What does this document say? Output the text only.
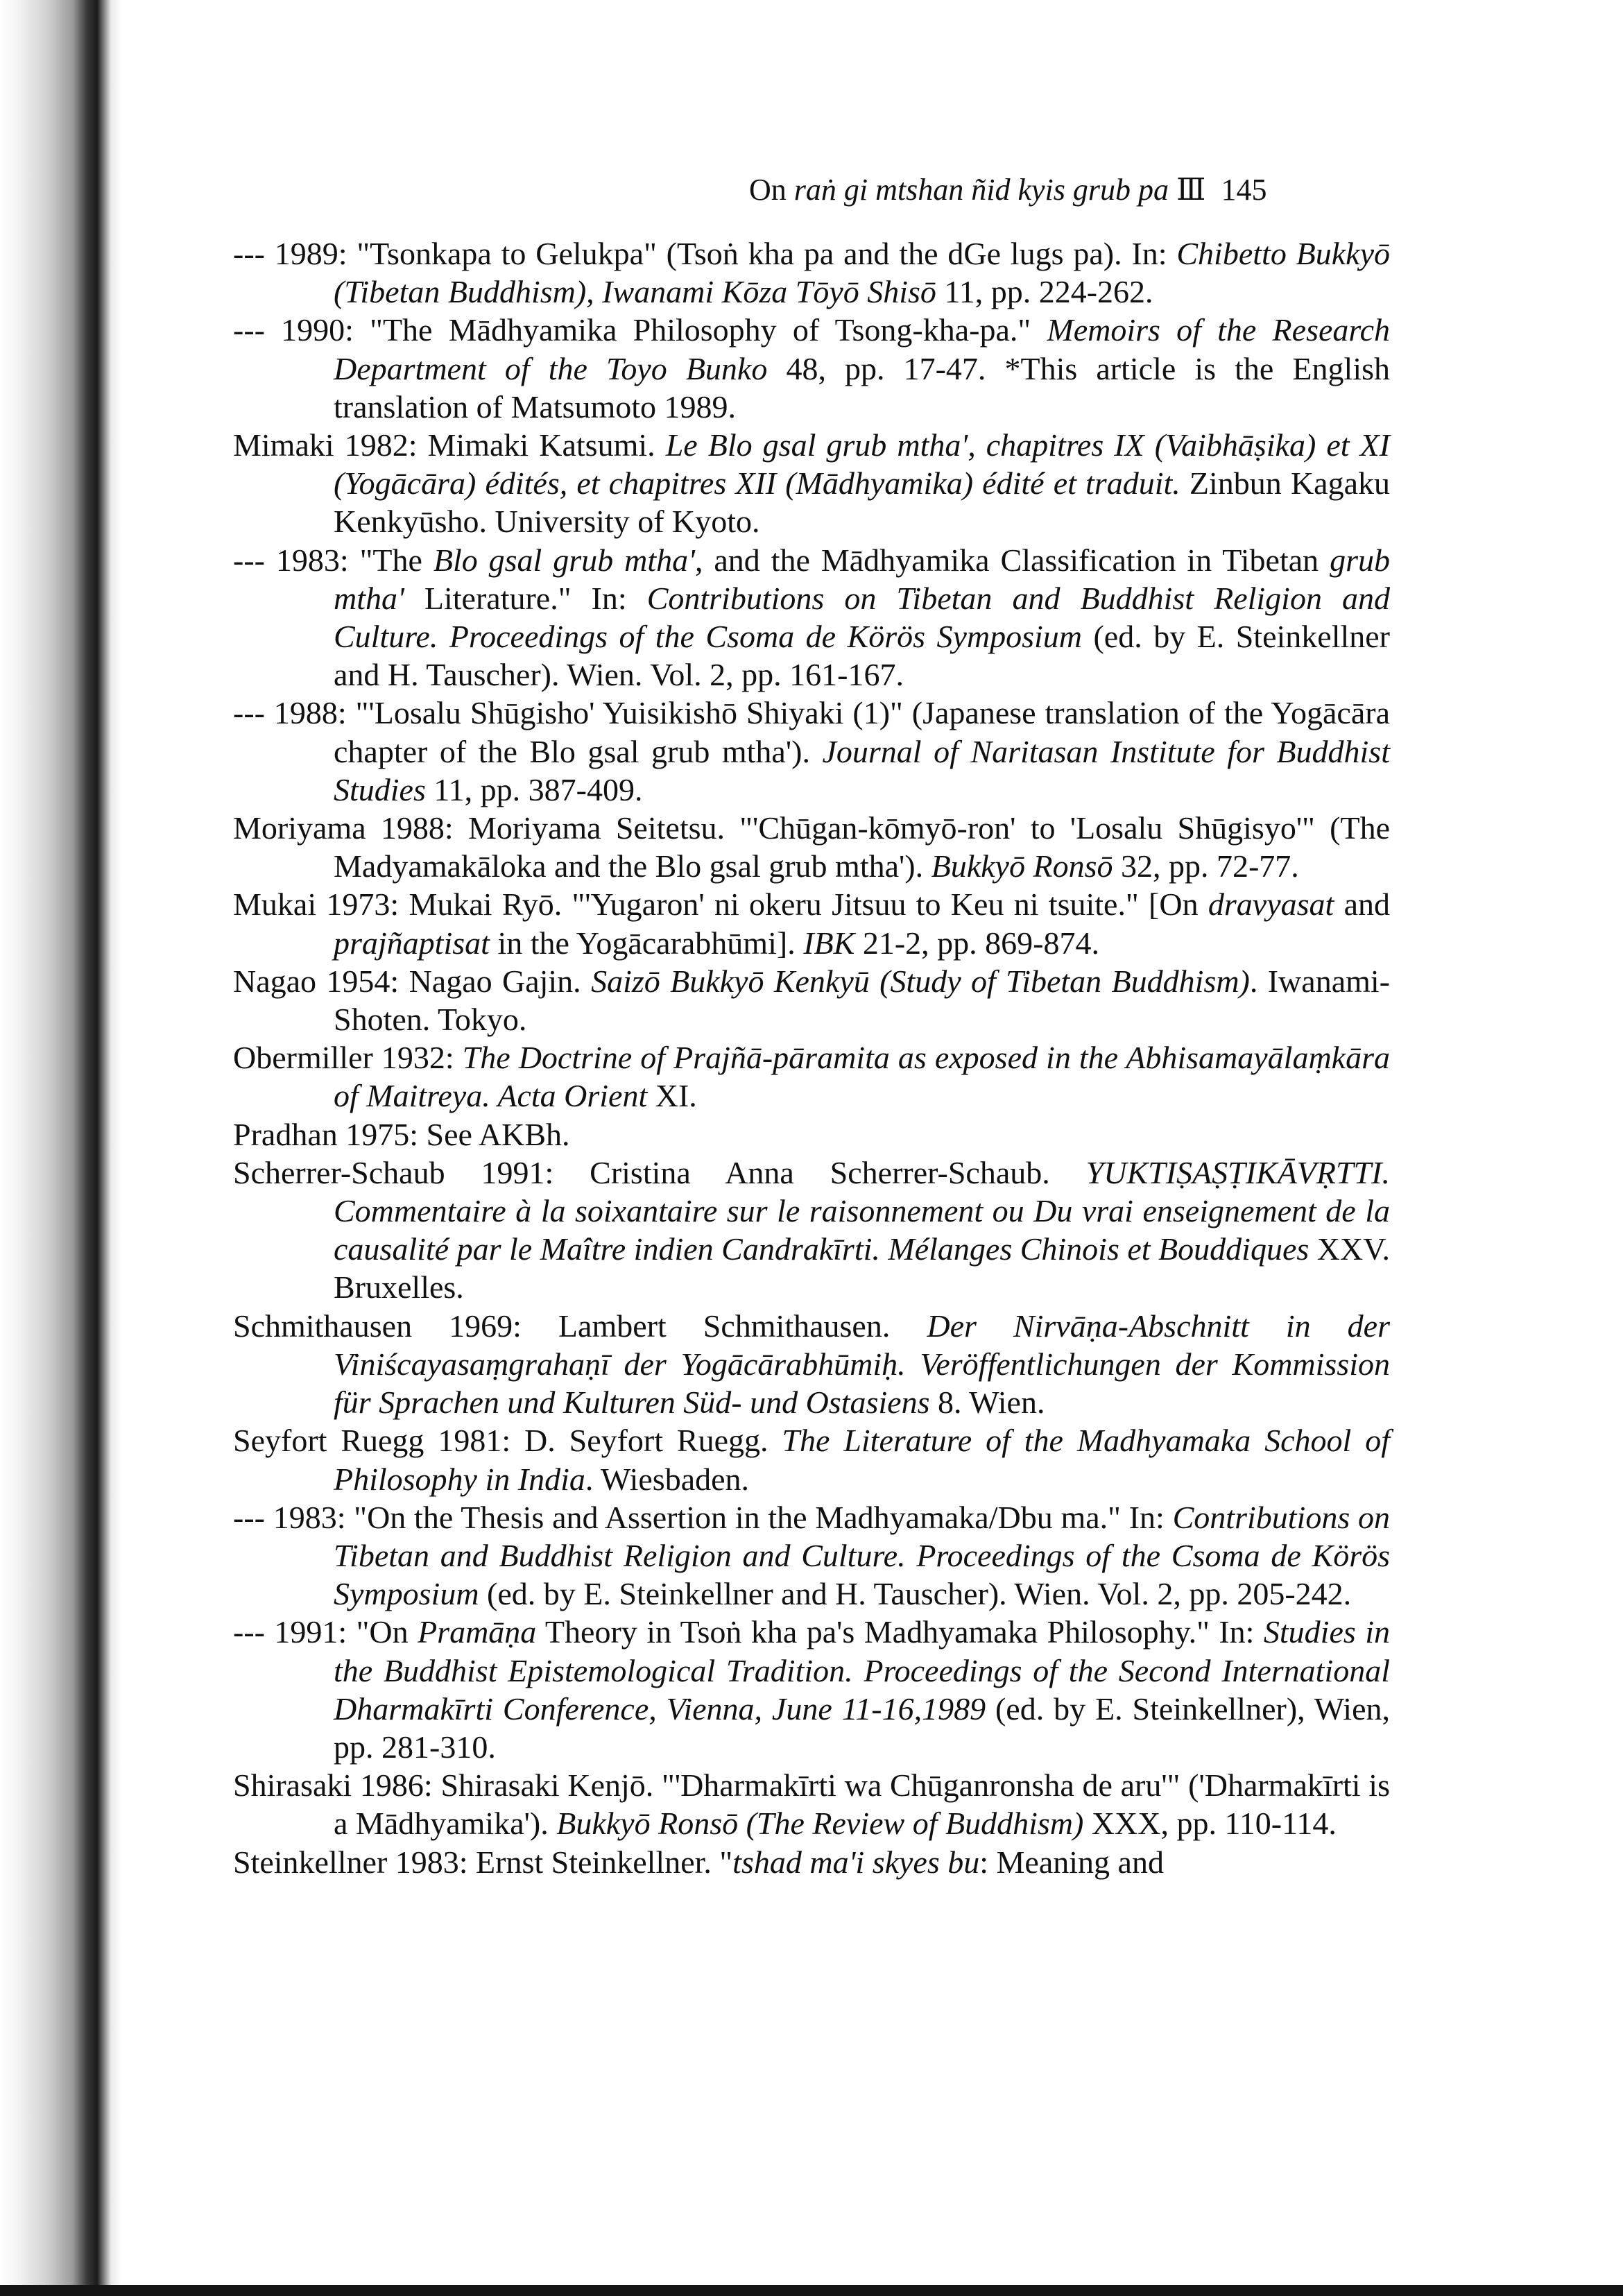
On raṅ gi mtshan ñid kyis grub pa Ⅲ 145
--- 1989: "Tsonkapa to Gelukpa" (Tsoṅ kha pa and the dGe lugs pa). In: Chibetto Bukkyō (Tibetan Buddhism), Iwanami Kōza Tōyō Shisō 11, pp. 224-262.
--- 1990: "The Mādhyamika Philosophy of Tsong-kha-pa." Memoirs of the Research Department of the Toyo Bunko 48, pp. 17-47. *This article is the English translation of Matsumoto 1989.
Mimaki 1982: Mimaki Katsumi. Le Blo gsal grub mtha', chapitres IX (Vaibhāṣika) et XI (Yogācāra) édités, et chapitres XII (Mādhyamika) édité et traduit. Zinbun Kagaku Kenkyūsho. University of Kyoto.
--- 1983: "The Blo gsal grub mtha', and the Mādhyamika Classification in Tibetan grub mtha' Literature." In: Contributions on Tibetan and Buddhist Religion and Culture. Proceedings of the Csoma de Körös Symposium (ed. by E. Steinkellner and H. Tauscher). Wien. Vol. 2, pp. 161-167.
--- 1988: "'Losalu Shūgisho' Yuisikishō Shiyaki (1)" (Japanese translation of the Yogācāra chapter of the Blo gsal grub mtha'). Journal of Naritasan Institute for Buddhist Studies 11, pp. 387-409.
Moriyama 1988: Moriyama Seitetsu. "'Chūgan-kōmyō-ron' to 'Losalu Shūgisyo'" (The Madyamakāloka and the Blo gsal grub mtha'). Bukkyō Ronsō 32, pp. 72-77.
Mukai 1973: Mukai Ryō. "'Yugaron' ni okeru Jitsuu to Keu ni tsuite." [On dravyasat and prajñaptisat in the Yogācarabhūmi]. IBK 21-2, pp. 869-874.
Nagao 1954: Nagao Gajin. Saizō Bukkyō Kenkyū (Study of Tibetan Buddhism). Iwanami-Shoten. Tokyo.
Obermiller 1932: The Doctrine of Prajñā-pāramita as exposed in the Abhisamayālaṃkāra of Maitreya. Acta Orient XI.
Pradhan 1975: See AKBh.
Scherrer-Schaub 1991: Cristina Anna Scherrer-Schaub. YUKTIṢAṢṬIKĀVṚTTI. Commentaire à la soixantaire sur le raisonnement ou Du vrai enseignement de la causalité par le Maître indien Candrakīrti. Mélanges Chinois et Bouddiques XXV. Bruxelles.
Schmithausen 1969: Lambert Schmithausen. Der Nirvāṇa-Abschnitt in der Viniścayasaṃgrahaṇī der Yogācārabhūmiḥ. Veröffentlichungen der Kommission für Sprachen und Kulturen Süd- und Ostasiens 8. Wien.
Seyfort Ruegg 1981: D. Seyfort Ruegg. The Literature of the Madhyamaka School of Philosophy in India. Wiesbaden.
--- 1983: "On the Thesis and Assertion in the Madhyamaka/Dbu ma." In: Contributions on Tibetan and Buddhist Religion and Culture. Proceedings of the Csoma de Körös Symposium (ed. by E. Steinkellner and H. Tauscher). Wien. Vol. 2, pp. 205-242.
--- 1991: "On Pramāṇa Theory in Tsoṅ kha pa's Madhyamaka Philosophy." In: Studies in the Buddhist Epistemological Tradition. Proceedings of the Second International Dharmakīrti Conference, Vienna, June 11-16,1989 (ed. by E. Steinkellner), Wien, pp. 281-310.
Shirasaki 1986: Shirasaki Kenjō. "'Dharmakīrti wa Chūganronsha de aru'" ('Dharmakīrti is a Mādhyamika'). Bukkyō Ronsō (The Review of Buddhism) XXX, pp. 110-114.
Steinkellner 1983: Ernst Steinkellner. "tshad ma'i skyes bu: Meaning and
